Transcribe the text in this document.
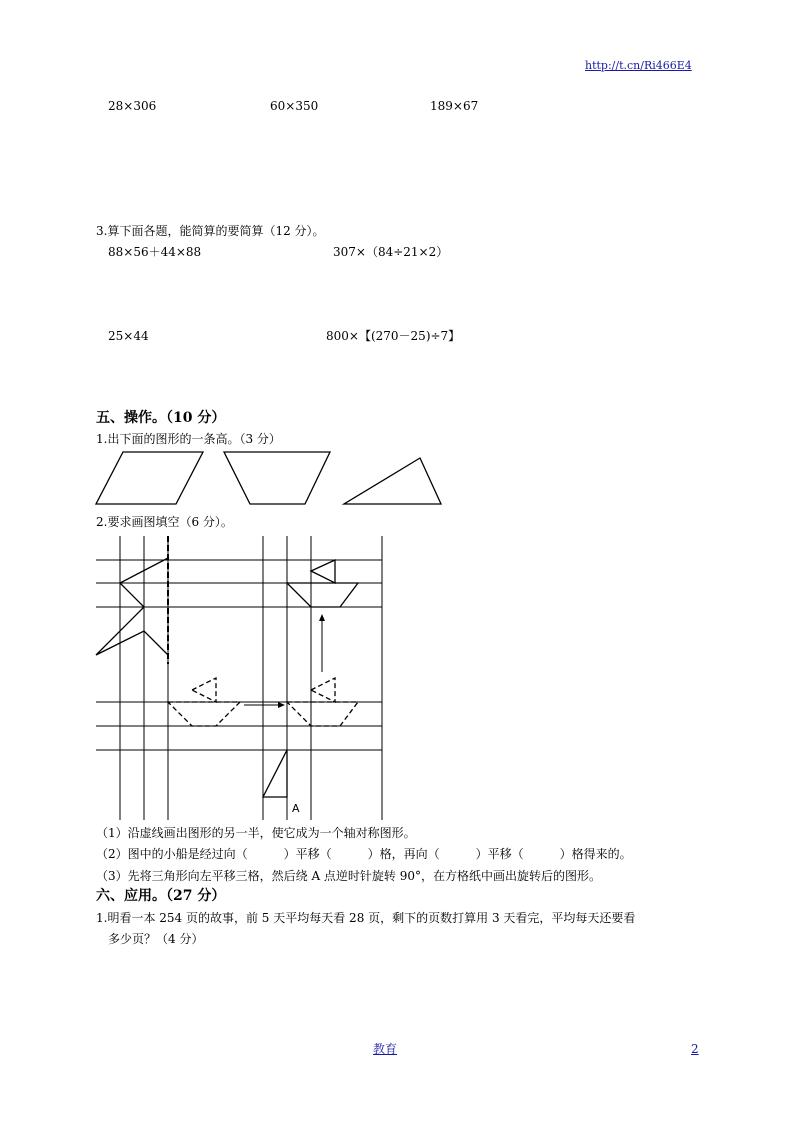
http://t.cn/Ri466E4
28×306	60×350	189×67
3.算下面各题，能简算的要简算（12 分）。
88×56＋44×88	307×（84÷21×2）
25×44	800×【(270－25)÷7】
五、操作。（10 分）
1.出下面的图形的一条高。（3 分）
2.要求画图填空（6 分）。
A
（1）沿虚线画出图形的另一半，使它成为一个轴对称图形。
（2）图中的小船是经过向（　　　）平移（　　　）格，再向（　　　）平移（　　　）格得来的。
（3）先将三角形向左平移三格，然后绕 A 点逆时针旋转 90°，在方格纸中画出旋转后的图形。
六、应用。（27 分）
1.明看一本 254 页的故事，前 5 天平均每天看 28 页，剩下的页数打算用 3 天看完，平均每天还要看
多少页？（4 分）
教育	2
